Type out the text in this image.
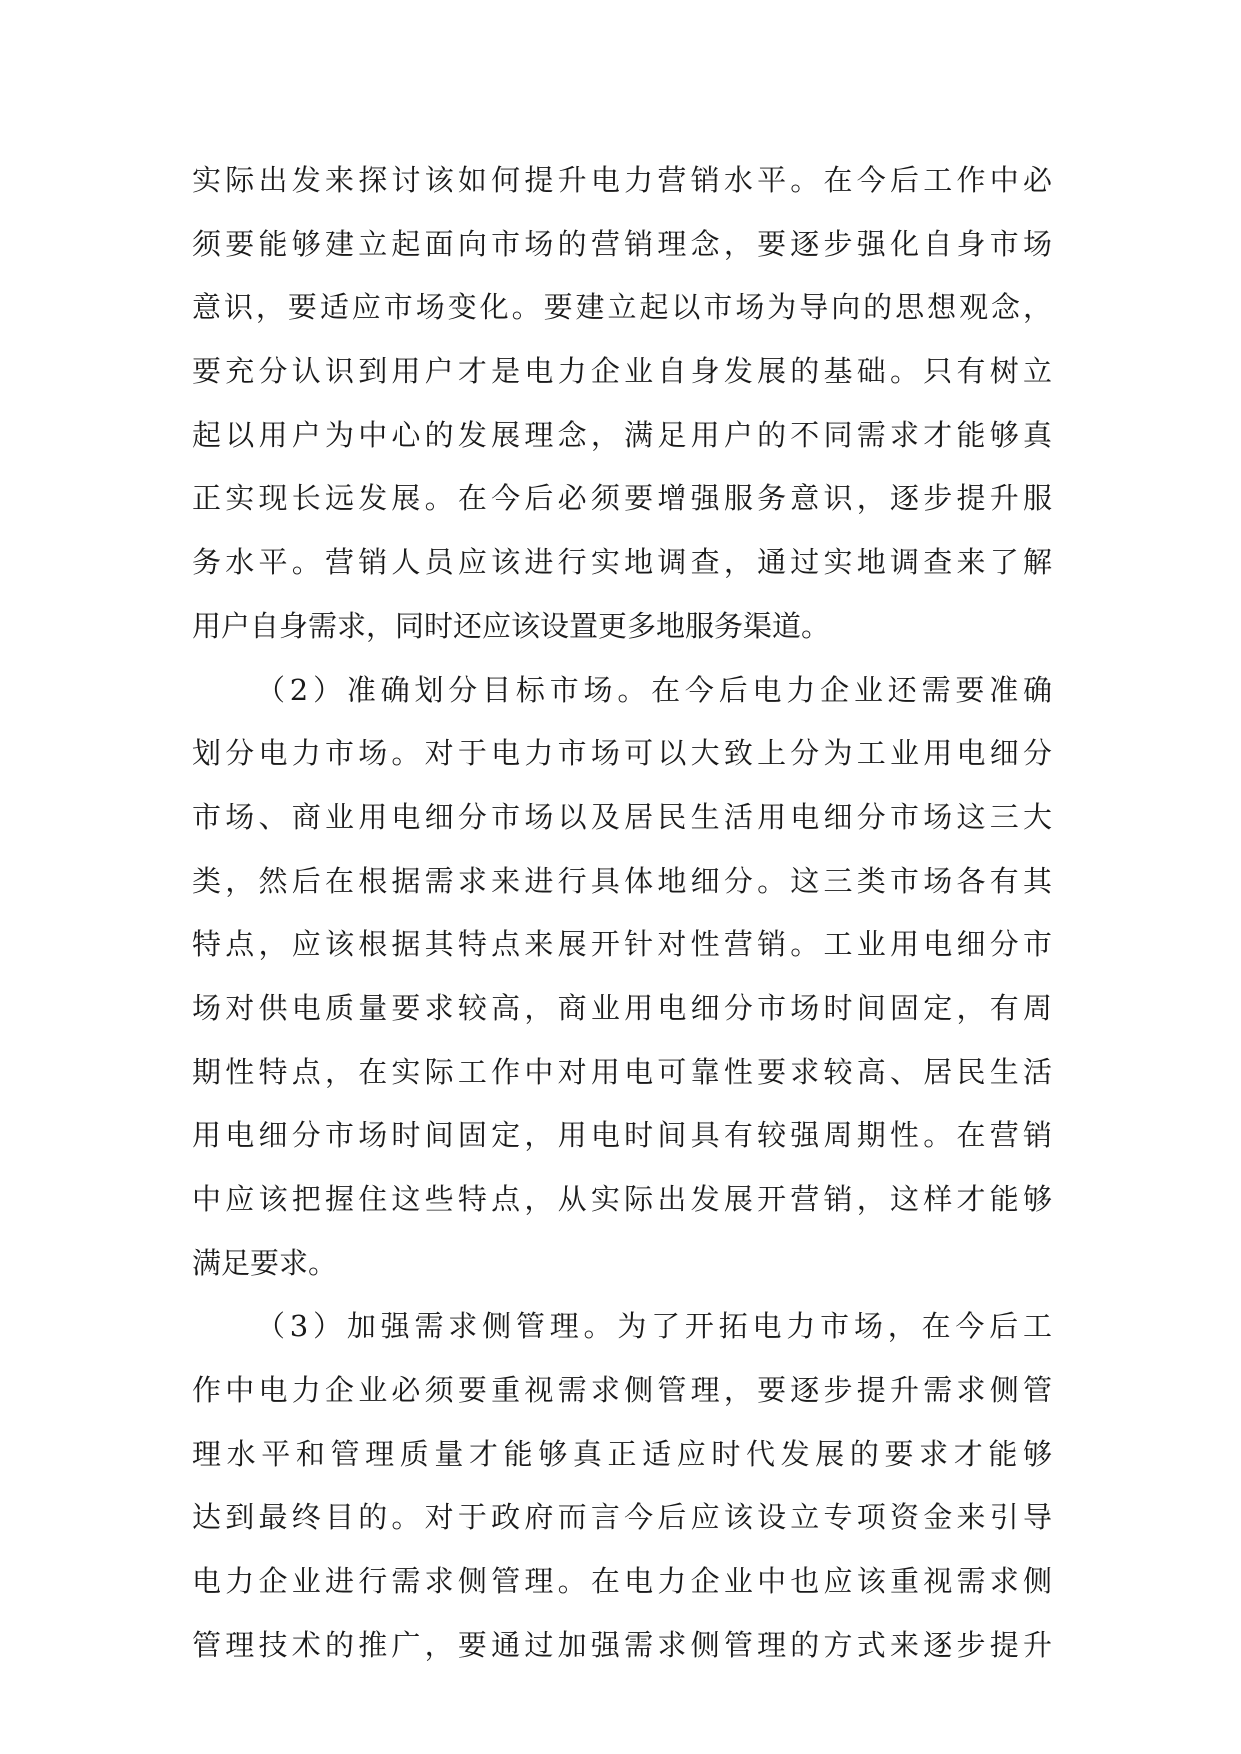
实际出发来探讨该如何提升电力营销水平。在今后工作中必
须要能够建立起面向市场的营销理念，要逐步强化自身市场
意识，要适应市场变化。要建立起以市场为导向的思想观念，
要充分认识到用户才是电力企业自身发展的基础。只有树立
起以用户为中心的发展理念，满足用户的不同需求才能够真
正实现长远发展。在今后必须要增强服务意识，逐步提升服
务水平。营销人员应该进行实地调查，通过实地调查来了解
用户自身需求，同时还应该设置更多地服务渠道。
（2）准确划分目标市场。在今后电力企业还需要准确
划分电力市场。对于电力市场可以大致上分为工业用电细分
市场、商业用电细分市场以及居民生活用电细分市场这三大
类，然后在根据需求来进行具体地细分。这三类市场各有其
特点，应该根据其特点来展开针对性营销。工业用电细分市
场对供电质量要求较高，商业用电细分市场时间固定，有周
期性特点，在实际工作中对用电可靠性要求较高、居民生活
用电细分市场时间固定，用电时间具有较强周期性。在营销
中应该把握住这些特点，从实际出发展开营销，这样才能够
满足要求。
（3）加强需求侧管理。为了开拓电力市场，在今后工
作中电力企业必须要重视需求侧管理，要逐步提升需求侧管
理水平和管理质量才能够真正适应时代发展的要求才能够
达到最终目的。对于政府而言今后应该设立专项资金来引导
电力企业进行需求侧管理。在电力企业中也应该重视需求侧
管理技术的推广，要通过加强需求侧管理的方式来逐步提升
